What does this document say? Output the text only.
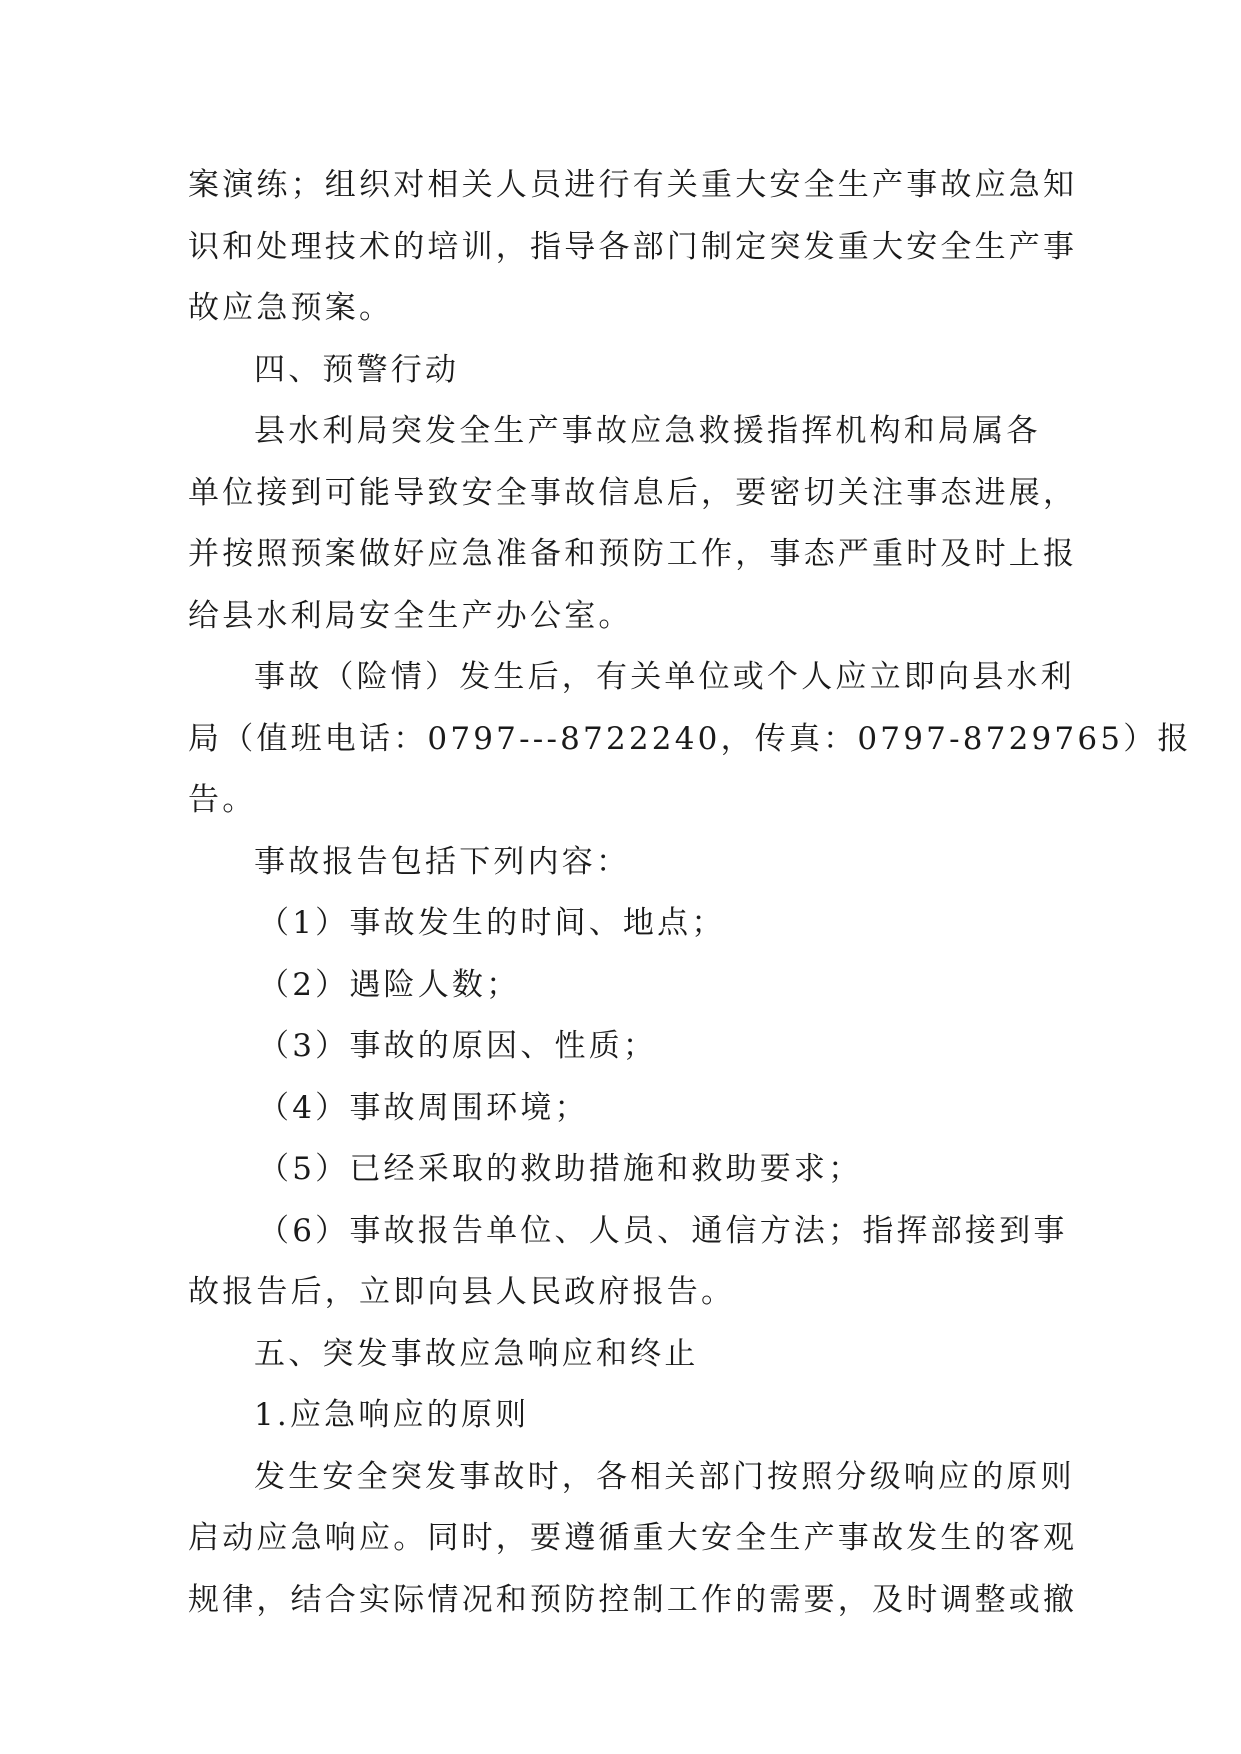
案演练；组织对相关人员进行有关重大安全生产事故应急知
识和处理技术的培训，指导各部门制定突发重大安全生产事
故应急预案。
四、预警行动
县水利局突发全生产事故应急救援指挥机构和局属各
单位接到可能导致安全事故信息后，要密切关注事态进展，
并按照预案做好应急准备和预防工作，事态严重时及时上报
给县水利局安全生产办公室。
事故（险情）发生后，有关单位或个人应立即向县水利
局（值班电话：0797---8722240，传真：0797-8729765）报
告。
事故报告包括下列内容：
（1）事故发生的时间、地点；
（2）遇险人数；
（3）事故的原因、性质；
（4）事故周围环境；
（5）已经采取的救助措施和救助要求；
（6）事故报告单位、人员、通信方法；指挥部接到事
故报告后，立即向县人民政府报告。
五、突发事故应急响应和终止
1.应急响应的原则
发生安全突发事故时，各相关部门按照分级响应的原则
启动应急响应。同时，要遵循重大安全生产事故发生的客观
规律，结合实际情况和预防控制工作的需要，及时调整或撤
